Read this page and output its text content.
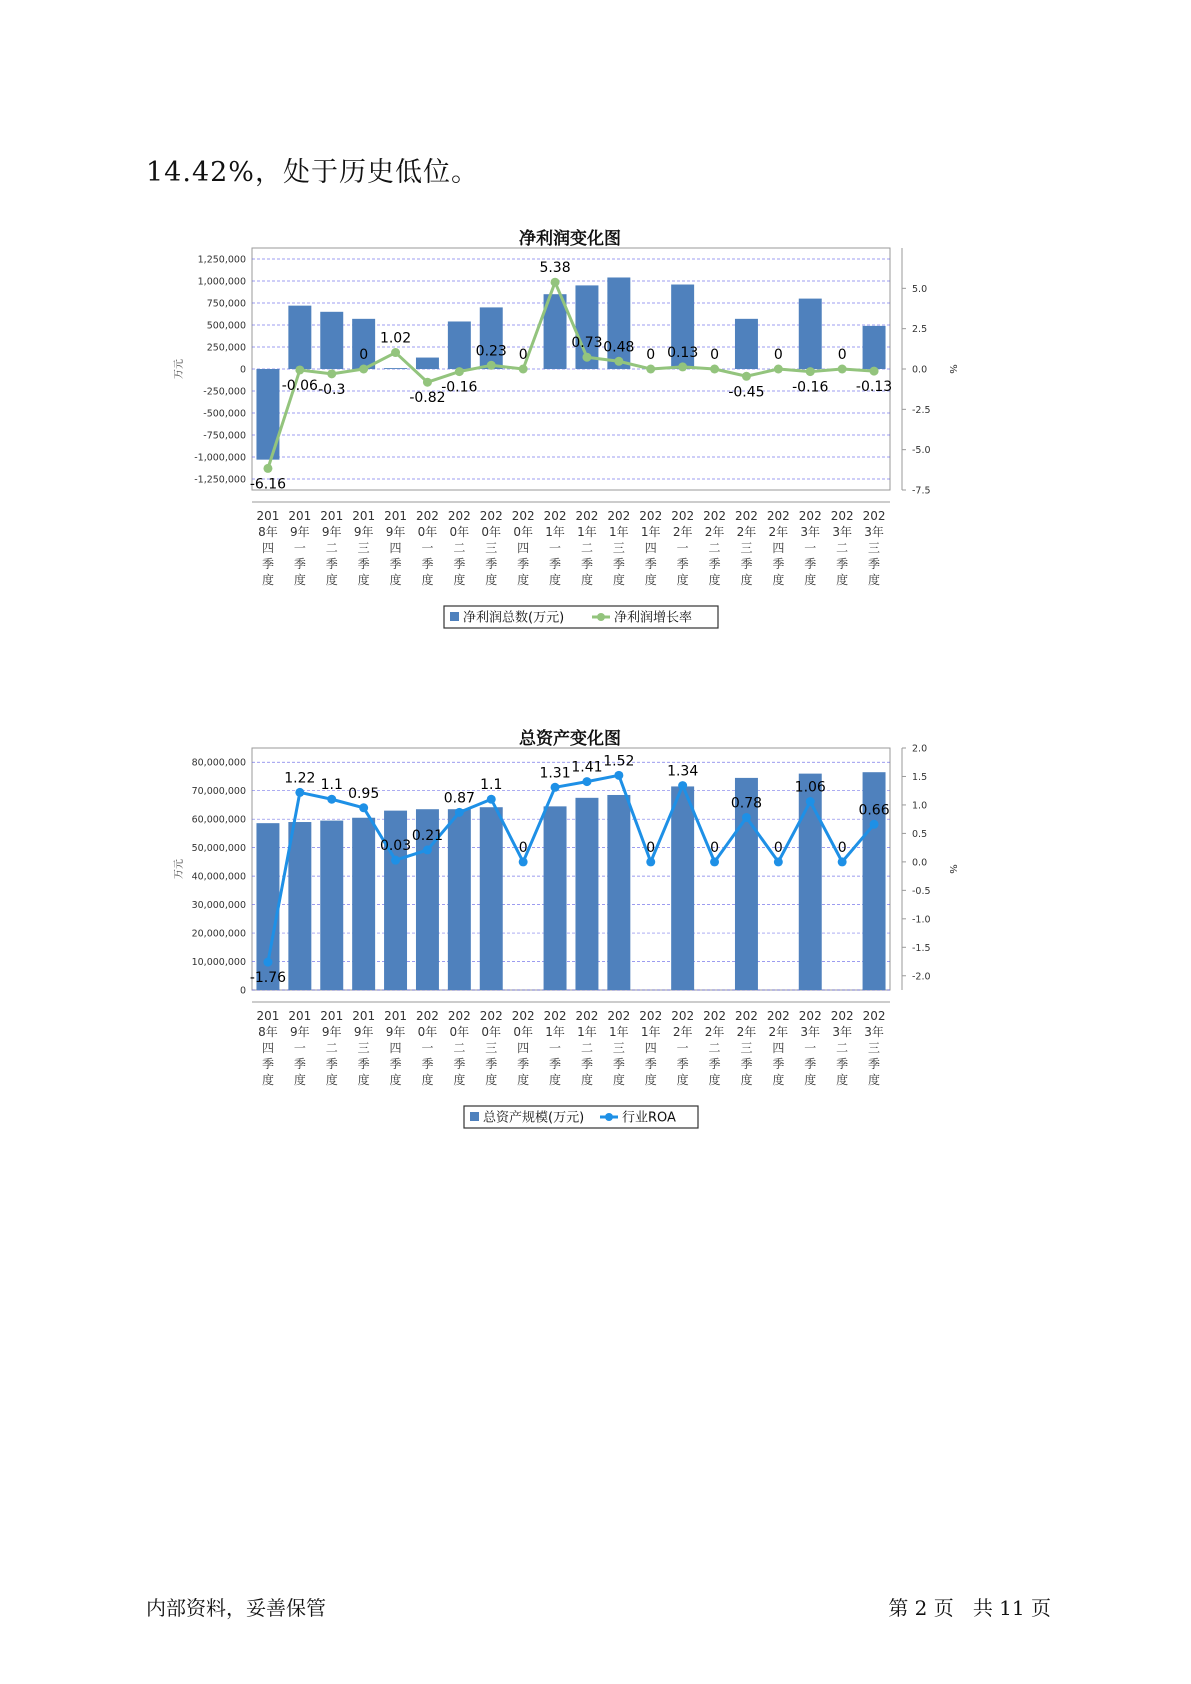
14.42%，处于历史低位。
净利润变化图
1,250,000
1,000,000
750,000
500,000
250,000
0
-250,000
-500,000
-750,000
-1,000,000
-1,250,000
5.0
2.5
0.0
-2.5
-5.0
-7.5
万元	%
-6.16
-0.06 -0.3
0
1.02
-0.82
-0.16
0.23 0
5.38
0.73 0.48 0 0.13 0
-0.45
0
-0.16
0
-0.13
201
8年
四
季
度
201
9年
一
季
度
201
9年
二
季
度
201
9年
三
季
度
201
9年
四
季
度
202
0年
一
季
度
202
0年
二
季
度
202
0年
三
季
度
202
0年
四
季
度
202
1年
一
季
度
202
1年
二
季
度
202
1年
三
季
度
202
1年
四
季
度
202
2年
一
季
度
202
2年
二
季
度
202
2年
三
季
度
202
2年
四
季
度
202
3年
一
季
度
202
3年
二
季
度
202
3年
三
季
度
净利润总数(万元)	净利润增长率
总资产变化图
80,000,000
70,000,000
60,000,000
50,000,000
40,000,000
30,000,000
20,000,000
10,000,000
0
2.0
1.5
1.0
0.5
0.0
-0.5
-1.0
-1.5
-2.0
万元	%
-1.76
1.22 1.1
0.95
0.03
0.21
0.87
1.1
0
1.31 1.41 1.52
0
1.34
0
0.78
0
1.06
0
0.66
201
8年
四
季
度
201
9年
一
季
度
201
9年
二
季
度
201
9年
三
季
度
201
9年
四
季
度
202
0年
一
季
度
202
0年
二
季
度
202
0年
三
季
度
202
0年
四
季
度
202
1年
一
季
度
202
1年
二
季
度
202
1年
三
季
度
202
1年
四
季
度
202
2年
一
季
度
202
2年
二
季
度
202
2年
三
季
度
202
2年
四
季
度
202
3年
一
季
度
202
3年
二
季
度
202
3年
三
季
度
总资产规模(万元)	行业ROA
内部资料，妥善保管	第 2 页   共 11 页
